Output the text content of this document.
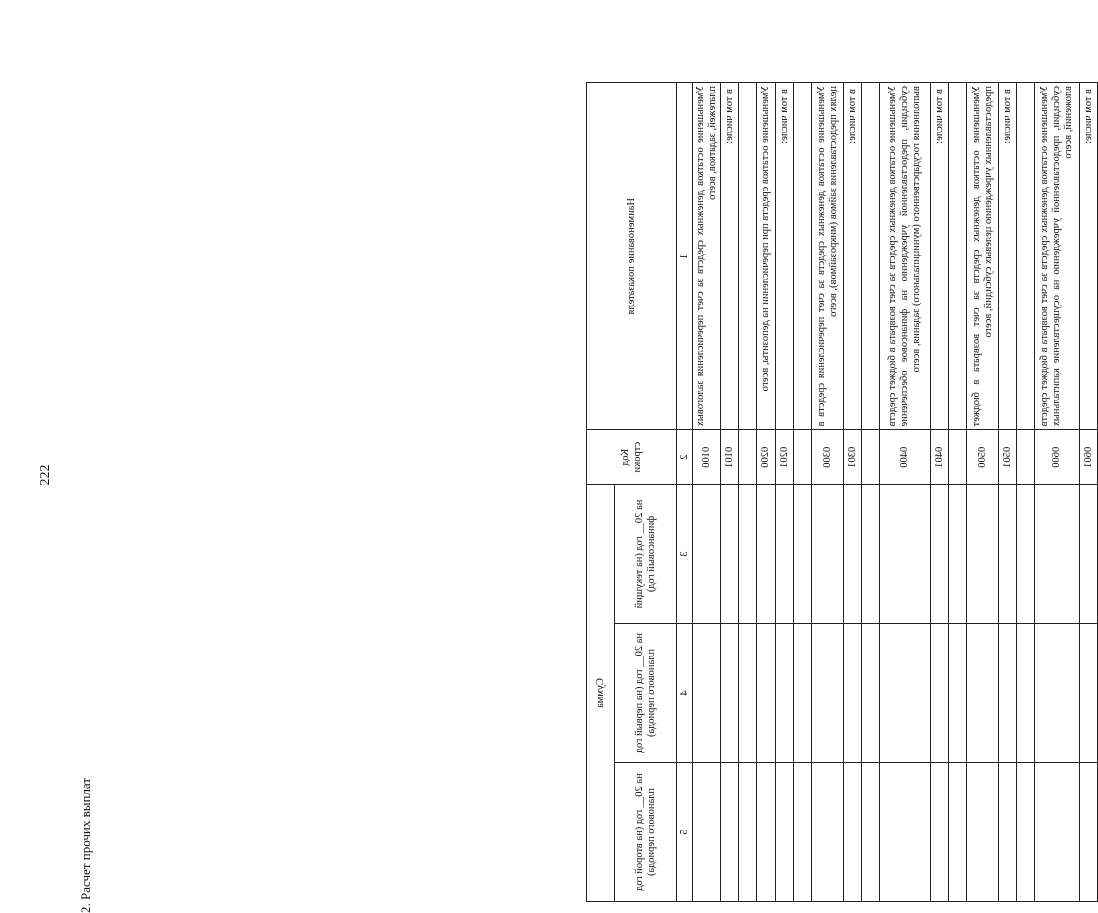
222
2. Расчет прочих выплат
Наименование показателя	Код строки	Сумма		
		на 20__ год (на текущий финансовый год)	на 20__ год (на первый год планового периода)	на 20__ год (на второй год планового периода)
1	2	3	4	5
Уменьшение остатков денежных средств за счет перечисления залоговых платежей, задатков, всего	0100			
в том числе:	0101			

Уменьшение остатков средств при перечислении на депозиты, всего	0200			
в том числе:	0201			

Уменьшение остатков денежных средств за счет перечисления средств в целях предоставления займов (микрозаймов), всего	0300			
в том числе:	0301			

Уменьшение остатков денежных средств за счет возврата в бюджет средств субсидии, предоставленной учреждению на финансовое обеспечение выполнения государственного (муниципального) задания, всего	0400			
в том числе:	0401			

Уменьшение остатков денежных средств за счет возврата в бюджет предоставленных учреждению целевых субсидий, всего	0500			
в том числе:	0501			

Уменьшение остатков денежных средств за счет возврата в бюджет средств субсидии, предоставленной учреждению на осуществление капитальных вложений, всего	0600			
в том числе:	0601			
